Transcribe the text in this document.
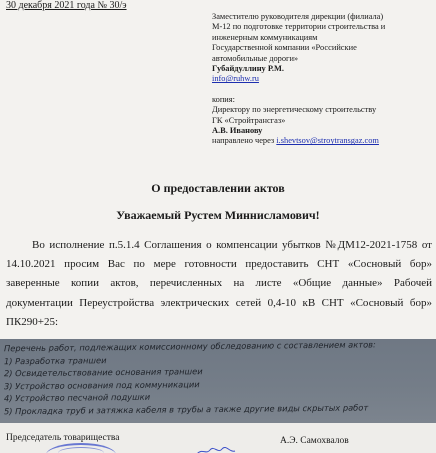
30 декабря 2021 года № 30/э
Заместителю руководителя дирекции (филиала)
М-12 по подготовке территории строительства и
инженерным коммуникациям
Государственной компании «Российские
автомобильные дороги»
Губайдуллину Р.М.
info@ruhw.ru
копия:
Директору по энергетическому строительству
ГК «Стройтрансгаз»
А.В. Иванову
направлено через i.shevtsov@stroytransgaz.com
О предоставлении актов
Уважаемый Рустем Миннисламович!
Во исполнение п.5.1.4 Соглашения о компенсации убытков №ДМ12-2021-1758 от 14.10.2021 просим Вас по мере готовности предоставить СНТ «Сосновый бор» заверенные копии актов, перечисленных на листе «Общие данные» Рабочей документации Переустройства электрических сетей 0,4-10 кВ СНТ «Сосновый бор» ПК290+25:
Перечень работ, подлежащих комиссионному обследованию с составлением актов:
1) Разработка траншеи
2) Освидетельствование основания траншеи
3) Устройство основания под коммуникации
4) Устройство песчаной подушки
5) Прокладка труб и затяжка кабеля в трубы а также другие виды скрытых работ
Председатель товарищества	А.Э. Самохвалов
